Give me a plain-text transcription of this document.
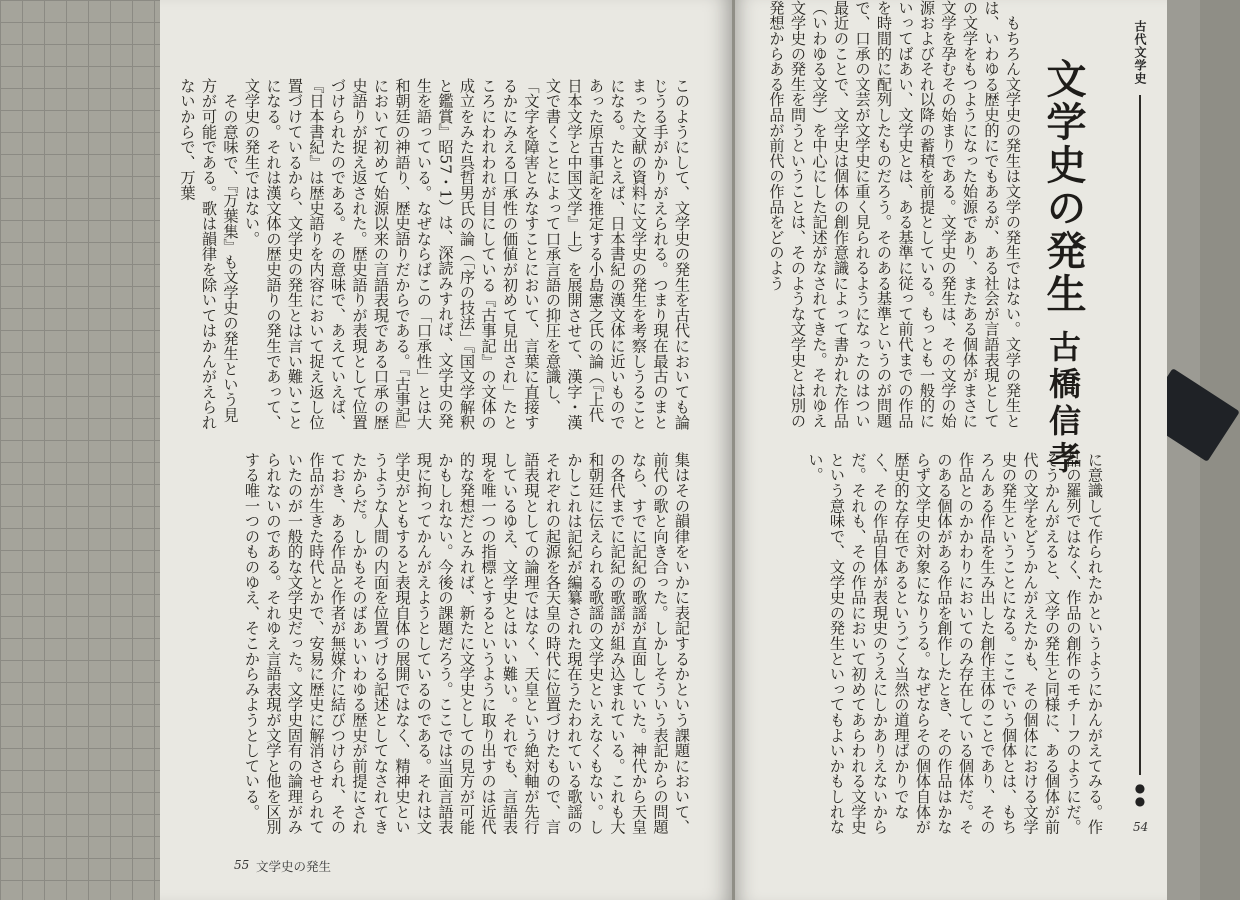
このようにして、文学史の発生を古代においても論じうる手がかりがえられる。つまり現在最古のまとまった文献の資料に文学史の発生を考察しうることになる。たとえば、日本書紀の漢文体に近いものであった原古事記を推定する小島憲之氏の論（『上代日本文学と中国文学』上）を展開させて、漢字・漢文で書くことによって口承言語の抑圧を意識し、「文字を障害とみなすことにおいて、言葉に直接するかにみえる口承性の価値が初めて見出され」たところにわれわれが目にしている『古事記』の文体の成立をみた呉哲男氏の論（「序の技法」『国文学解釈と鑑賞』昭57・1）は、深読みすれば、文学史の発生を語っている。なぜならばこの「口承性」とは大和朝廷の神語り、歴史語りだからである。『古事記』において初めて始源以来の言語表現である口承の歴史語りが捉え返された。歴史語りが表現として位置づけられたのである。その意味で、あえていえば、『日本書紀』は歴史語りを内容において捉え返し位置づけているから、文学史の発生とは言い難いことになる。それは漢文体の歴史語りの発生であって、文学史の発生ではない。
　その意味で、『万葉集』も文学史の発生という見方が可能である。歌は韻律を除いてはかんがえられないからで、万葉
集はその韻律をいかに表記するかという課題において、前代の歌と向き合った。しかしそういう表記からの問題なら、すでに記紀の歌謡が直面していた。神代から天皇の各代までに記紀の歌謡が組み込まれている。これも大和朝廷に伝えられる歌謡の文学史といえなくもない。しかしこれは記紀が編纂された現在うたわれている歌謡のそれぞれの起源を各天皇の時代に位置づけたもので、言語表現としての論理ではなく、天皇という絶対軸が先行しているゆえ、文学史とはいい難い。それでも、言語表現を唯一つの指標とするというように取り出すのは近代的な発想だとみれば、新たに文学史としての見方が可能かもしれない。今後の課題だろう。ここでは当面言語表現に拘ってかんがえようとしているのである。それは文学史がともすると表現自体の展開ではなく、精神史というような人間の内面を位置づける記述としてなされてきたからだ。しかもそのばあいいわゆる歴史が前提にされておき、ある作品と作者が無媒介に結びつけられ、その作品が生きた時代とかで、安易に歴史に解消させられていたのが一般的な文学史だった。文学史固有の論理がみられないのである。それゆえ言語表現が文学と他を区別する唯一つのものゆえ、そこからみようとしている。
55 文学史の発生
　もちろん文学史の発生は文学の発生ではない。文学の発生とは、いわゆる歴史的にでもあるが、ある社会が言語表現としての文学をもつようになった始源であり、またある個体がまさに文学を孕むその始まりである。文学史の発生は、その文学の始源およびそれ以降の蓄積を前提としている。もっとも一般的にいってばあい、文学史とは、ある基準に従って前代までの作品を時間的に配列したものだろう。そのある基準というのが問題で、口承の文芸が文学史に重く見られるようになったのはつい最近のことで、文学史は個体の創作意識によって書かれた作品（いわゆる文学）を中心にした記述がなされてきた。それゆえ文学史の発生を問うということは、そのような文学史とは別の発想からある作品が前代の作品をどのよう
に意識して作られたかというようにかんがえてみる。作品の羅列ではなく、作品の創作のモチーフのようにだ。そうかんがえると、文学の発生と同様に、ある個体が前代の文学をどうかんがえたかも、その個体における文学史の発生ということになる。ここでいう個体とは、もちろんある作品を生み出した創作主体のことであり、その作品とのかかわりにおいてのみ存在している個体だ。そのある個体がある作品を創作したとき、その作品はかならず文学史の対象になりうる。なぜならその個体自体が歴史的な存在であるというごく当然の道理ばかりでなく、その作品自体が表現史のうえにしかありえないからだ。それも、その作品において初めてあらわれる文学史という意味で、文学史の発生といってもよいかもしれない。
文学史の発生
古橋信孝
古代文学史
●
●
54
